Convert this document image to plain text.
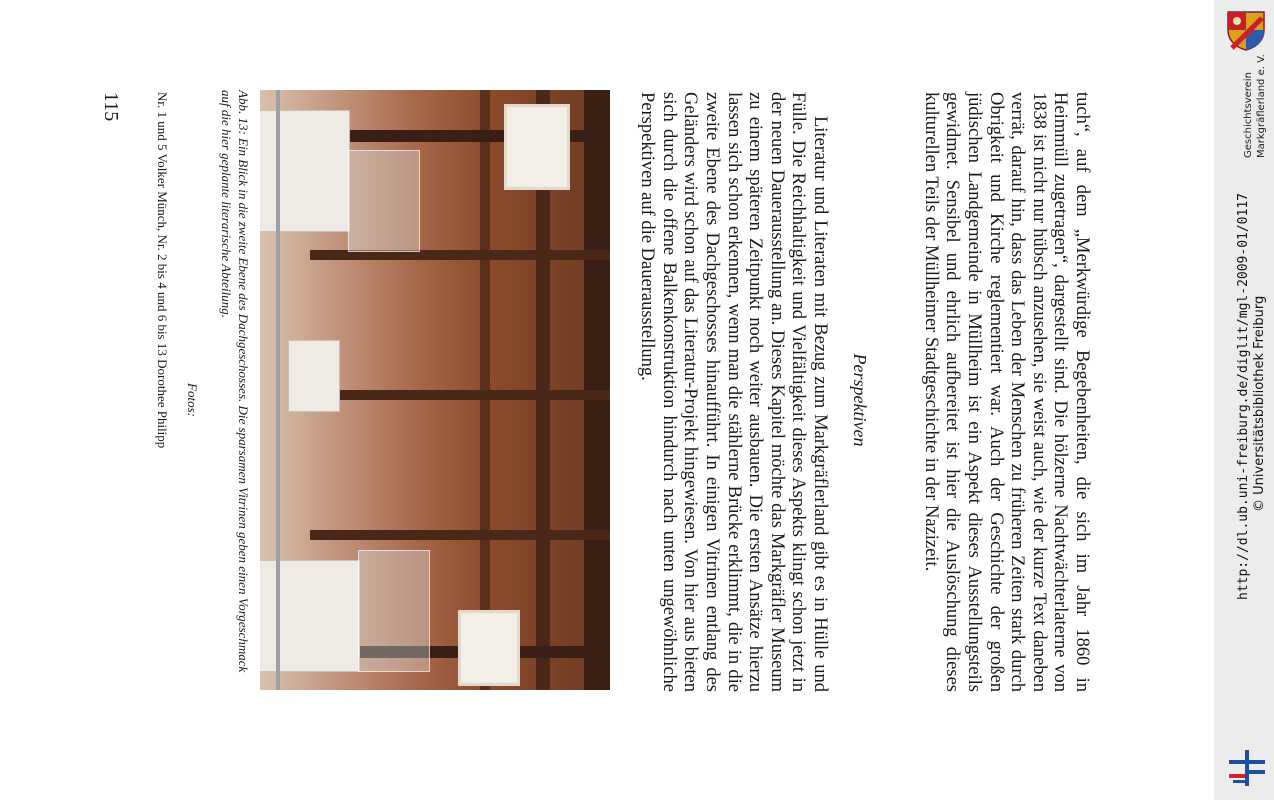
tuch“, auf dem „Merkwürdige Begebenheiten, die sich im Jahr 1860 in Heimmüll zugetragen“, dargestellt sind. Die hölzerne Nachtwächterlaterne von 1838 ist nicht nur hübsch anzusehen, sie weist auch, wie der kurze Text daneben verrät, darauf hin, dass das Leben der Menschen zu früheren Zeiten stark durch Obrigkeit und Kirche reglementiert war. Auch der Geschichte der großen jüdischen Landgemeinde in Müllheim ist ein Aspekt dieses Ausstellungsteils gewidmet. Sensibel und ehrlich aufbereitet ist hier die Auslöschung dieses kulturellen Teils der Müllheimer Stadtgeschichte in der Nazizeit.
Perspektiven
Literatur und Literaten mit Bezug zum Markgräflerland gibt es in Hülle und Fülle. Die Reichhaltigkeit und Vielfältigkeit dieses Aspekts klingt schon jetzt in der neuen Dauerausstellung an. Dieses Kapitel möchte das Markgräfler Museum zu einem späteren Zeitpunkt noch weiter ausbauen. Die ersten Ansätze hierzu lassen sich schon erkennen, wenn man die stählerne Brücke erklimmt, die in die zweite Ebene des Dachgeschosses hinaufführt. In einigen Vitrinen entlang des Geländers wird schon auf das Literatur-Projekt hingewiesen. Von hier aus bieten sich durch die offene Balkenkonstruktion hindurch nach unten ungewöhnliche Perspektiven auf die Dauerausstellung.
Abb. 13:Ein Blick in die zweite Ebene des Dachgeschosses. Die sparsamen Vitrinen geben einen Vorgeschmack auf die hier geplante literarische Abteilung.
Fotos:
Nr. 1 und 5 Volker Münch, Nr. 2 bis 4 und 6 bis 13 Dorothee Philipp
115	Geschichtsverein Markgräflerland e. V.
http://dl.ub.uni-freiburg.de/diglit/mgl-2009-01/0117 © Universitätsbibliothek Freiburg
